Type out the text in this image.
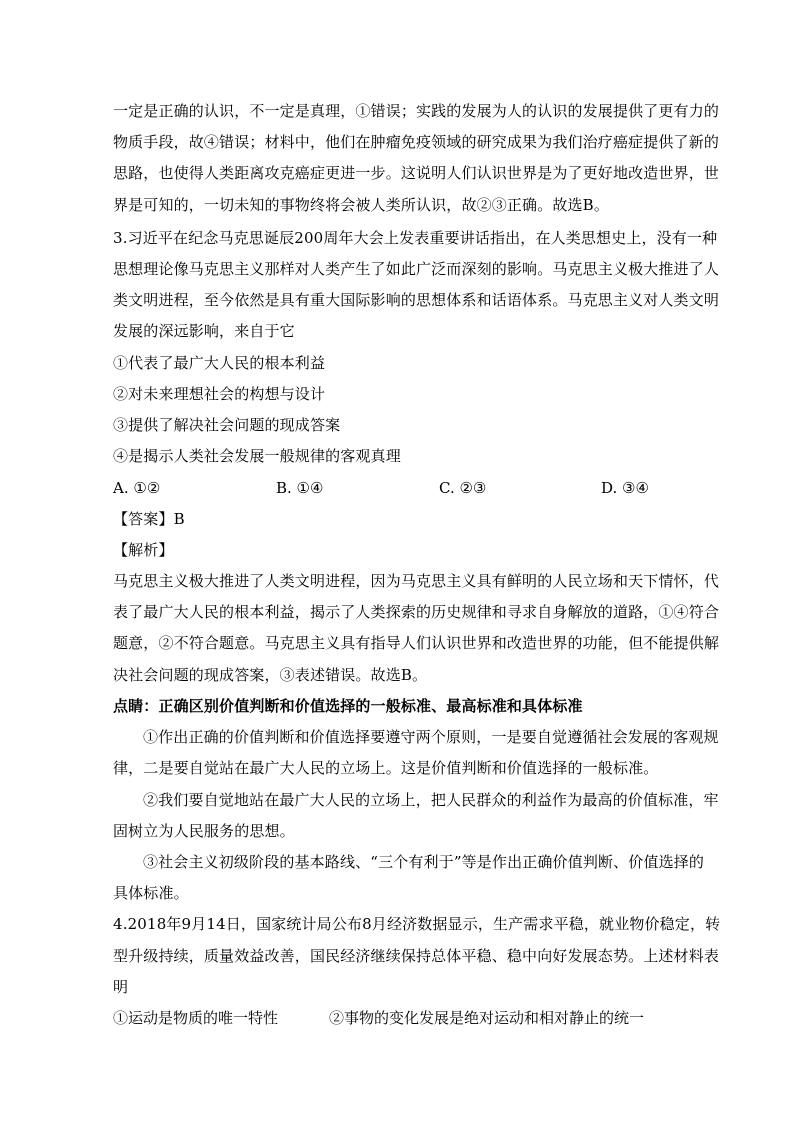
一定是正确的认识，不一定是真理，①错误；实践的发展为人的认识的发展提供了更有力的
物质手段，故④错误；材料中，他们在肿瘤免疫领域的研究成果为我们治疗癌症提供了新的
思路，也使得人类距离攻克癌症更进一步。这说明人们认识世界是为了更好地改造世界，世
界是可知的，一切未知的事物终将会被人类所认识，故②③正确。故选B。
3.习近平在纪念马克思诞辰200周年大会上发表重要讲话指出，在人类思想史上，没有一种
思想理论像马克思主义那样对人类产生了如此广泛而深刻的影响。马克思主义极大推进了人
类文明进程，至今依然是具有重大国际影响的思想体系和话语体系。马克思主义对人类文明
发展的深远影响，来自于它
①代表了最广大人民的根本利益
②对未来理想社会的构想与设计
③提供了解决社会问题的现成答案
④是揭示人类社会发展一般规律的客观真理
A. ①②	B. ①④	C. ②③	D. ③④
【答案】B
【解析】
马克思主义极大推进了人类文明进程，因为马克思主义具有鲜明的人民立场和天下情怀，代
表了最广大人民的根本利益，揭示了人类探索的历史规律和寻求自身解放的道路，①④符合
题意，②不符合题意。马克思主义具有指导人们认识世界和改造世界的功能，但不能提供解
决社会问题的现成答案，③表述错误。故选B。
点睛：正确区别价值判断和价值选择的一般标准、最高标准和具体标准
①作出正确的价值判断和价值选择要遵守两个原则，一是要自觉遵循社会发展的客观规
律，二是要自觉站在最广大人民的立场上。这是价值判断和价值选择的一般标准。
②我们要自觉地站在最广大人民的立场上，把人民群众的利益作为最高的价值标准，牢
固树立为人民服务的思想。
③社会主义初级阶段的基本路线、“三个有利于”等是作出正确价值判断、价值选择的
具体标准。
4.2018年9月14日，国家统计局公布8月经济数据显示，生产需求平稳，就业物价稳定，转
型升级持续，质量效益改善，国民经济继续保持总体平稳、稳中向好发展态势。上述材料表
明
①运动是物质的唯一特性	②事物的变化发展是绝对运动和相对静止的统一
